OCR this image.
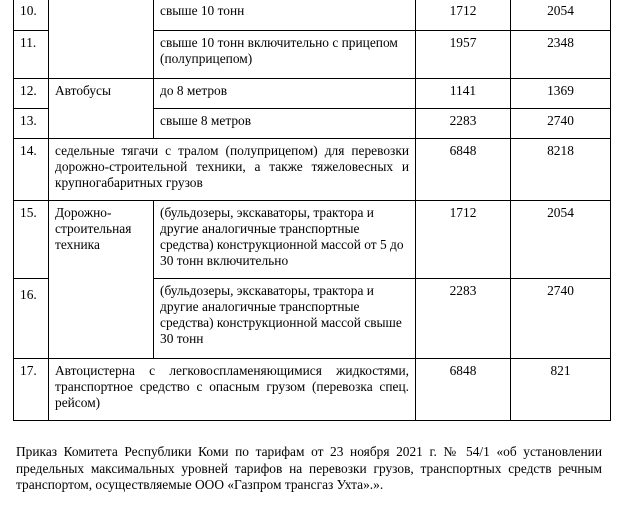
10.		свыше 10 тонн	1712	2054
11.		свыше 10 тонн включительно с прицепом (полуприцепом)	1957	2348
12.	Автобусы	до 8 метров	1141	1369
13.		свыше 8 метров	2283	2740
14.	седельные тягачи с тралом (полуприцепом) для перевозки дорожно-строительной техники, а также тяжеловесных и крупногабаритных грузов		6848	8218
15.	Дорожно-строительная техника	(бульдозеры, экскаваторы, трактора и другие аналогичные транспортные средства) конструкционной массой от 5 до 30 тонн включительно	1712	2054
16.		(бульдозеры, экскаваторы, трактора и другие аналогичные транспортные средства) конструкционной массой свыше 30 тонн	2283	2740
17.	Автоцистерна с легковоспламеняющимися жидкостями, транспортное средство с опасным грузом (перевозка спец. рейсом)		6848	821
Приказ Комитета Республики Коми по тарифам от 23 ноября 2021 г. № 54/1 «об установлении предельных максимальных уровней тарифов на перевозки грузов, транспортных средств речным транспортом, осуществляемые ООО «Газпром трансгаз Ухта».».
